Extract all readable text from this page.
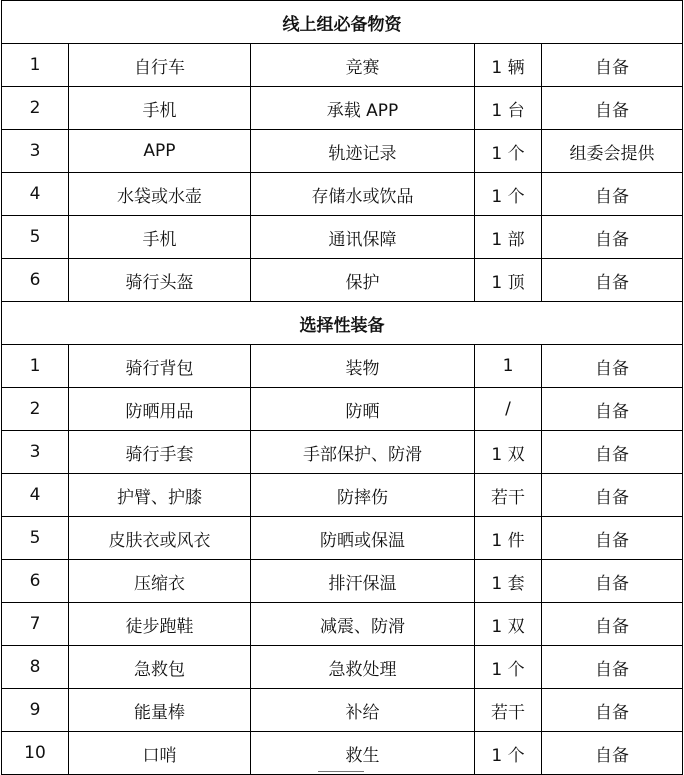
线上组必备物资				
1	自行车	竞赛	1 辆	自备
2	手机	承载 APP	1 台	自备
3	APP	轨迹记录	1 个	组委会提供
4	水袋或水壶	存储水或饮品	1 个	自备
5	手机	通讯保障	1 部	自备
6	骑行头盔	保护	1 顶	自备
选择性装备				
1	骑行背包	装物	1	自备
2	防晒用品	防晒	/	自备
3	骑行手套	手部保护、防滑	1 双	自备
4	护臂、护膝	防摔伤	若干	自备
5	皮肤衣或风衣	防晒或保温	1 件	自备
6	压缩衣	排汗保温	1 套	自备
7	徒步跑鞋	减震、防滑	1 双	自备
8	急救包	急救处理	1 个	自备
9	能量棒	补给	若干	自备
10	口哨	救生	1 个	自备
